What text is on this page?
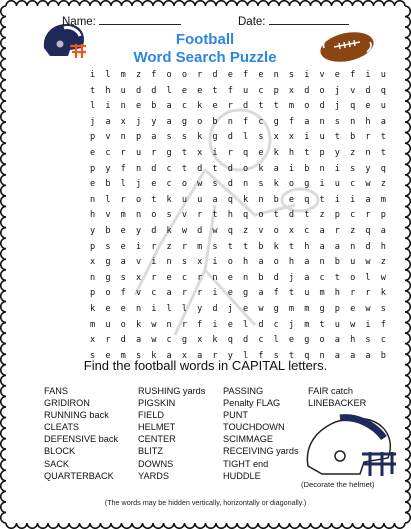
Name:	Date:
Football
Word Search Puzzle
i	l	m	z	f	o	o	r	d	e	f	e	n	s	i	v	e	f	i	u
t	h	u	d	d	l	e	e	t	f	u	c	p	x	d	o	j	v	d	q
l	i	n	e	b	a	c	k	e	r	d	t	t	m	o	d	j	q	e	u
j	a	x	j	y	a	g	o	b	n	f	c	g	f	a	n	s	n	h	a
p	v	n	p	a	s	s	k	g	d	l	s	x	x	i	u	t	b	r	t
e	c	r	u	r	g	t	x	i	r	q	e	k	h	t	p	y	z	n	t
p	y	f	n	d	c	t	d	t	d	o	k	a	i	b	n	i	s	y	q
e	b	l	j	e	c	o	w	s	d	n	s	k	o	g	i	u	c	w	z
n	l	r	o	t	k	u	u	a	q	k	n	b	e	q	t	i	i	a	m
h	v	m	n	o	s	v	r	t	h	q	o	t	d	t	z	p	c	r	p
y	b	e	y	d	k	w	d	w	q	z	v	o	x	c	a	r	z	q	a
p	s	e	i	r	z	r	m	s	t	t	b	k	t	h	a	a	n	d	h
x	g	a	v	i	n	s	x	i	o	h	a	o	h	a	n	b	u	w	z
n	g	s	x	r	e	c	r	n	e	n	b	d	j	a	c	t	o	l	w
p	o	f	v	c	a	r	r	i	e	g	a	f	t	u	m	h	r	r	k
k	e	e	n	i	l	l	y	d	j	e	w	g	m	m	g	p	e	w	s
m	u	o	k	w	n	r	f	i	e	l	d	c	j	m	t	u	w	i	f
x	r	d	a	w	c	g	x	k	q	d	c	l	e	g	o	a	h	s	c
s	e	m	s	k	a	x	a	r	y	l	f	s	t	q	n	a	a	a	b
Find the football words in CAPITAL letters.
FANS
GRIDIRON
RUNNING back
CLEATS
DEFENSIVE back
BLOCK
SACK
QUARTERBACK
RUSHING yards
PIGSKIN
FIELD
HELMET
CENTER
BLITZ
DOWNS
YARDS
PASSING
Penalty FLAG
PUNT
TOUCHDOWN
SCIMMAGE
RECEIVING yards
TIGHT end
HUDDLE
FAIR catch
LINEBACKER
(Decorate the helmet)
(The words may be hidden vertically, horizontally or diagonally.)
